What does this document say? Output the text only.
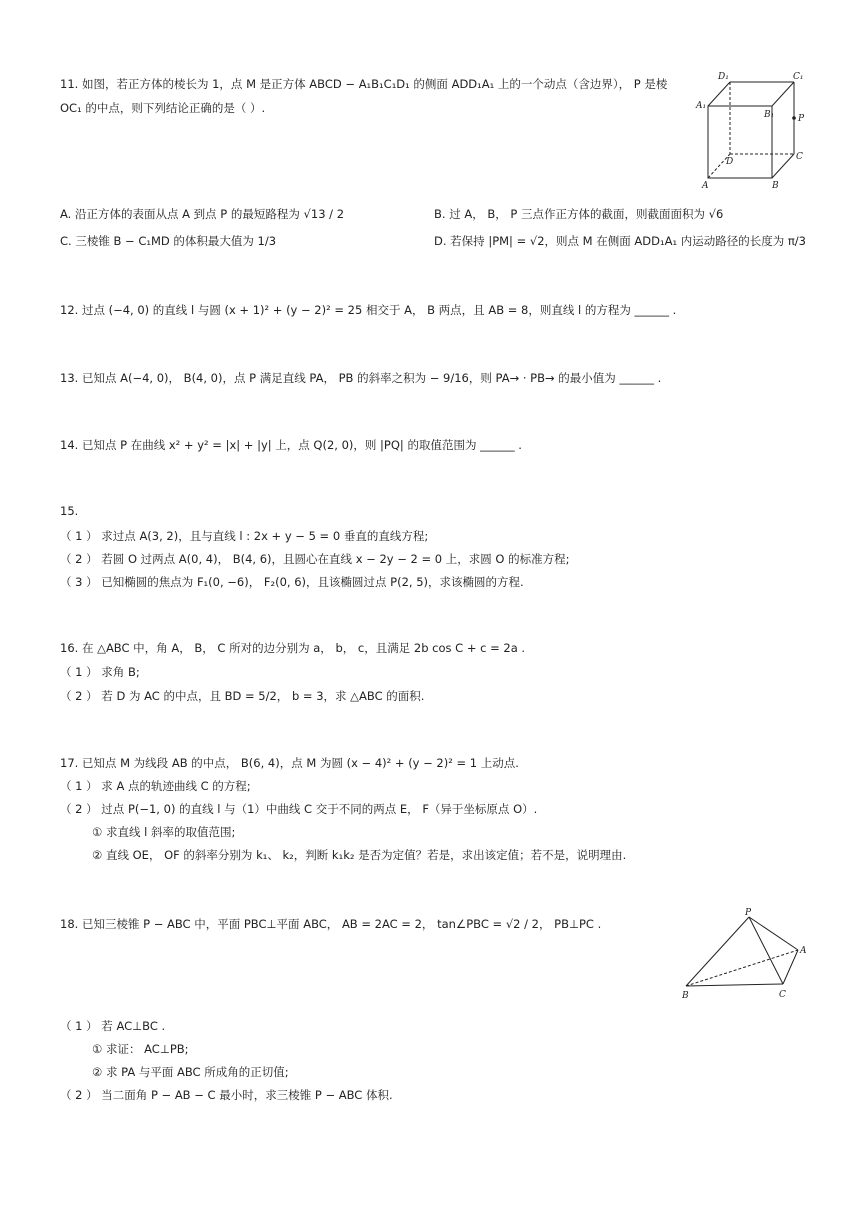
11. 如图，若正方体的棱长为 1，点 M 是正方体 ABCD − A₁B₁C₁D₁ 的侧面 ADD₁A₁ 上的一个动点（含边界）， P 是棱
OC₁ 的中点，则下列结论正确的是（ ）.
D₁	C₁
A₁
B₁	P
D	C
A	B
A. 沿正方体的表面从点 A 到点 P 的最短路程为 √13 / 2	B. 过 A， B， P 三点作正方体的截面，则截面面积为 √6
C. 三棱锥 B − C₁MD 的体积最大值为 1/3	D. 若保持 |PM| = √2，则点 M 在侧面 ADD₁A₁ 内运动路径的长度为 π/3
12. 过点 (−4, 0) 的直线 l 与圆 (x + 1)² + (y − 2)² = 25 相交于 A， B 两点，且 AB = 8，则直线 l 的方程为 ______ .
13. 已知点 A(−4, 0)， B(4, 0)，点 P 满足直线 PA， PB 的斜率之积为 − 9/16，则 PA→ · PB→ 的最小值为 ______ .
14. 已知点 P 在曲线 x² + y² = |x| + |y| 上，点 Q(2, 0)，则 |PQ| 的取值范围为 ______ .
15.
（ 1 ） 求过点 A(3, 2)，且与直线 l : 2x + y − 5 = 0 垂直的直线方程;
（ 2 ） 若圆 O 过两点 A(0, 4)， B(4, 6)，且圆心在直线 x − 2y − 2 = 0 上，求圆 O 的标准方程;
（ 3 ） 已知椭圆的焦点为 F₁(0, −6)， F₂(0, 6)，且该椭圆过点 P(2, 5)，求该椭圆的方程.
16. 在 △ABC 中，角 A， B， C 所对的边分别为 a， b， c，且满足 2b cos C + c = 2a .
（ 1 ） 求角 B;
（ 2 ） 若 D 为 AC 的中点，且 BD = 5/2， b = 3，求 △ABC 的面积.
17. 已知点 M 为线段 AB 的中点， B(6, 4)，点 M 为圆 (x − 4)² + (y − 2)² = 1 上动点.
（ 1 ） 求 A 点的轨迹曲线 C 的方程;
（ 2 ） 过点 P(−1, 0) 的直线 l 与（1）中曲线 C 交于不同的两点 E， F（异于坐标原点 O）.
① 求直线 l 斜率的取值范围;
② 直线 OE， OF 的斜率分别为 k₁、 k₂，判断 k₁k₂ 是否为定值？若是，求出该定值；若不是，说明理由.
18. 已知三棱锥 P − ABC 中，平面 PBC⊥平面 ABC， AB = 2AC = 2， tan∠PBC = √2 / 2， PB⊥PC .
P
A
B	C
（ 1 ） 若 AC⊥BC .
① 求证： AC⊥PB;
② 求 PA 与平面 ABC 所成角的正切值;
（ 2 ） 当二面角 P − AB − C 最小时，求三棱锥 P − ABC 体积.
